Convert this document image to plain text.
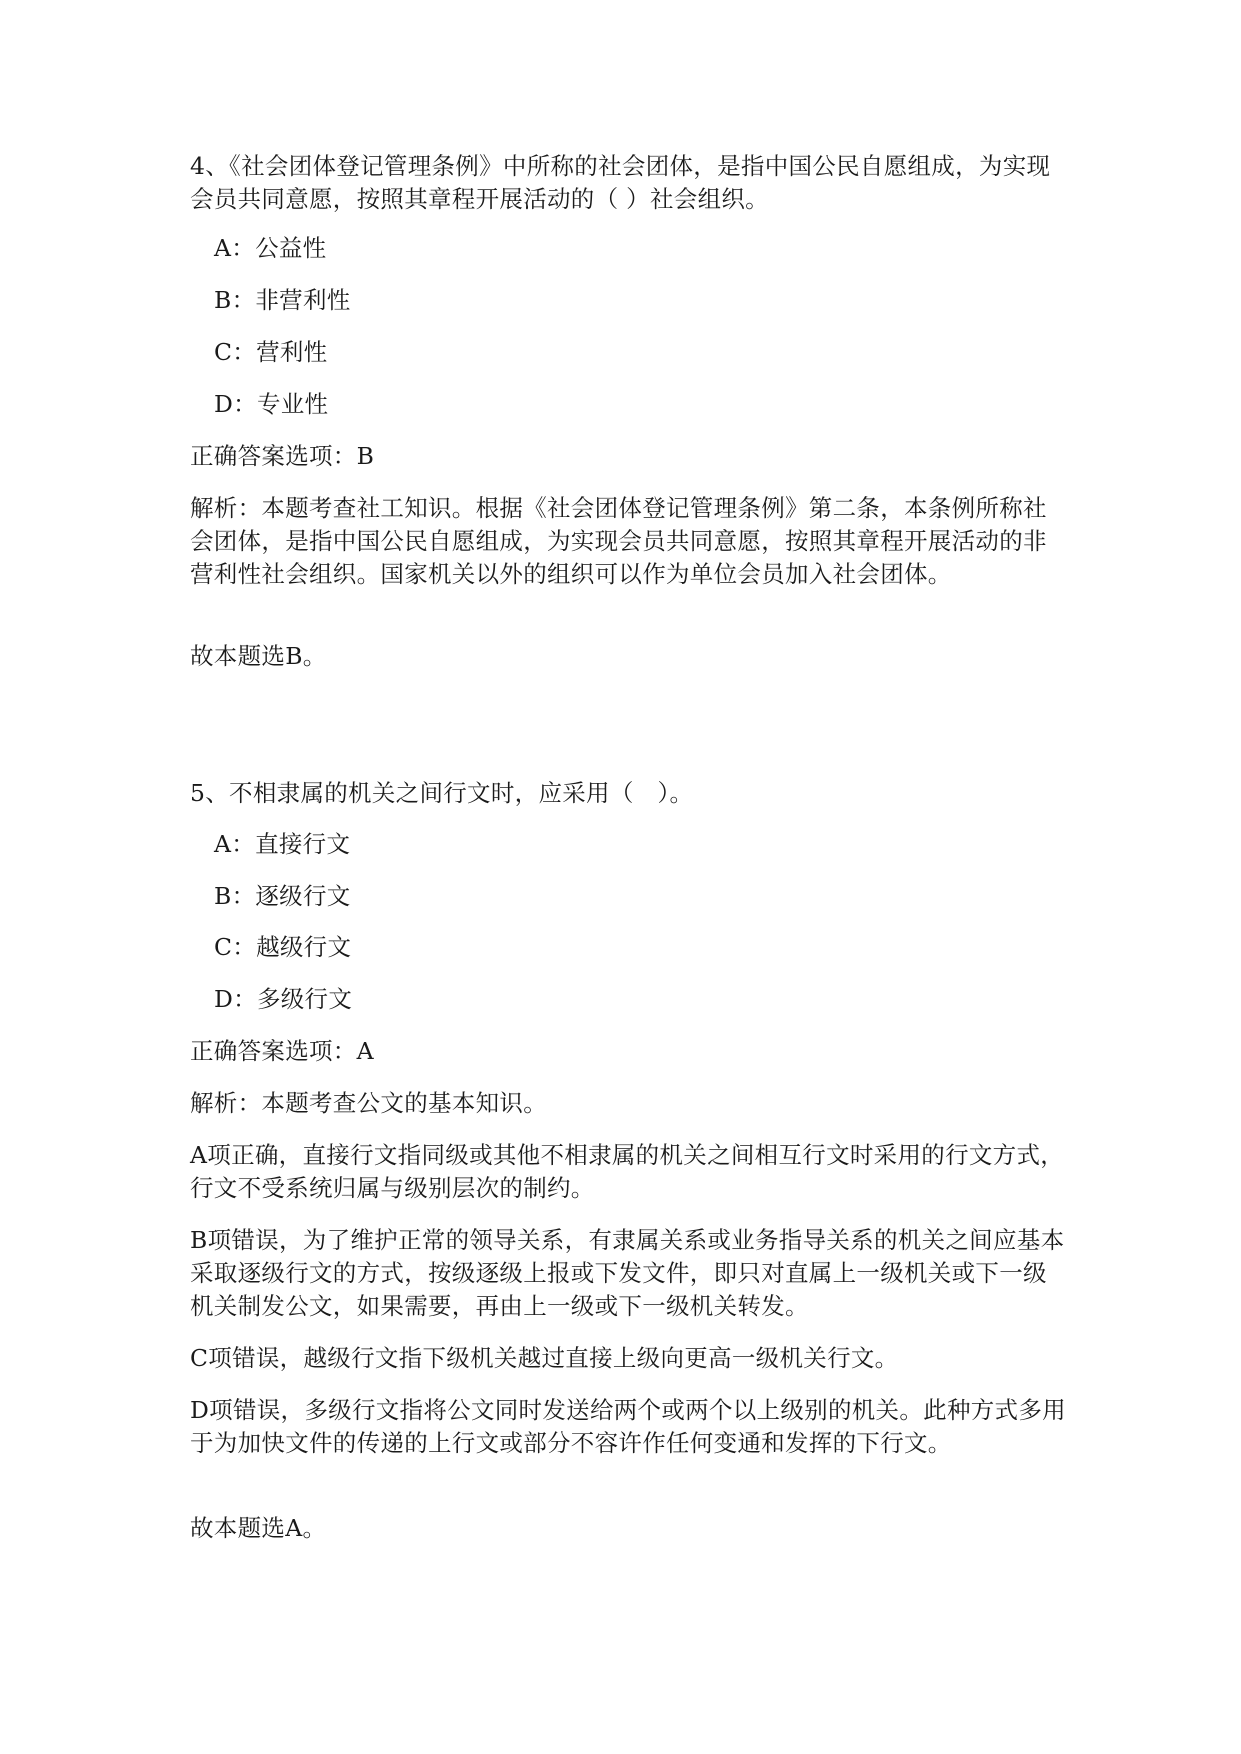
4、《社会团体登记管理条例》中所称的社会团体，是指中国公民自愿组成，为实现会员共同意愿，按照其章程开展活动的（ ）社会组织。

A：公益性

B：非营利性

C：营利性

D：专业性

正确答案选项：B

解析：本题考查社工知识。根据《社会团体登记管理条例》第二条，本条例所称社会团体，是指中国公民自愿组成，为实现会员共同意愿，按照其章程开展活动的非营利性社会组织。国家机关以外的组织可以作为单位会员加入社会团体。

故本题选B。

5、不相隶属的机关之间行文时，应采用（　）。

A：直接行文

B：逐级行文

C：越级行文

D：多级行文

正确答案选项：A

解析：本题考查公文的基本知识。

A项正确，直接行文指同级或其他不相隶属的机关之间相互行文时采用的行文方式，行文不受系统归属与级别层次的制约。

B项错误，为了维护正常的领导关系，有隶属关系或业务指导关系的机关之间应基本采取逐级行文的方式，按级逐级上报或下发文件，即只对直属上一级机关或下一级机关制发公文，如果需要，再由上一级或下一级机关转发。

C项错误，越级行文指下级机关越过直接上级向更高一级机关行文。

D项错误，多级行文指将公文同时发送给两个或两个以上级别的机关。此种方式多用于为加快文件的传递的上行文或部分不容许作任何变通和发挥的下行文。

故本题选A。
